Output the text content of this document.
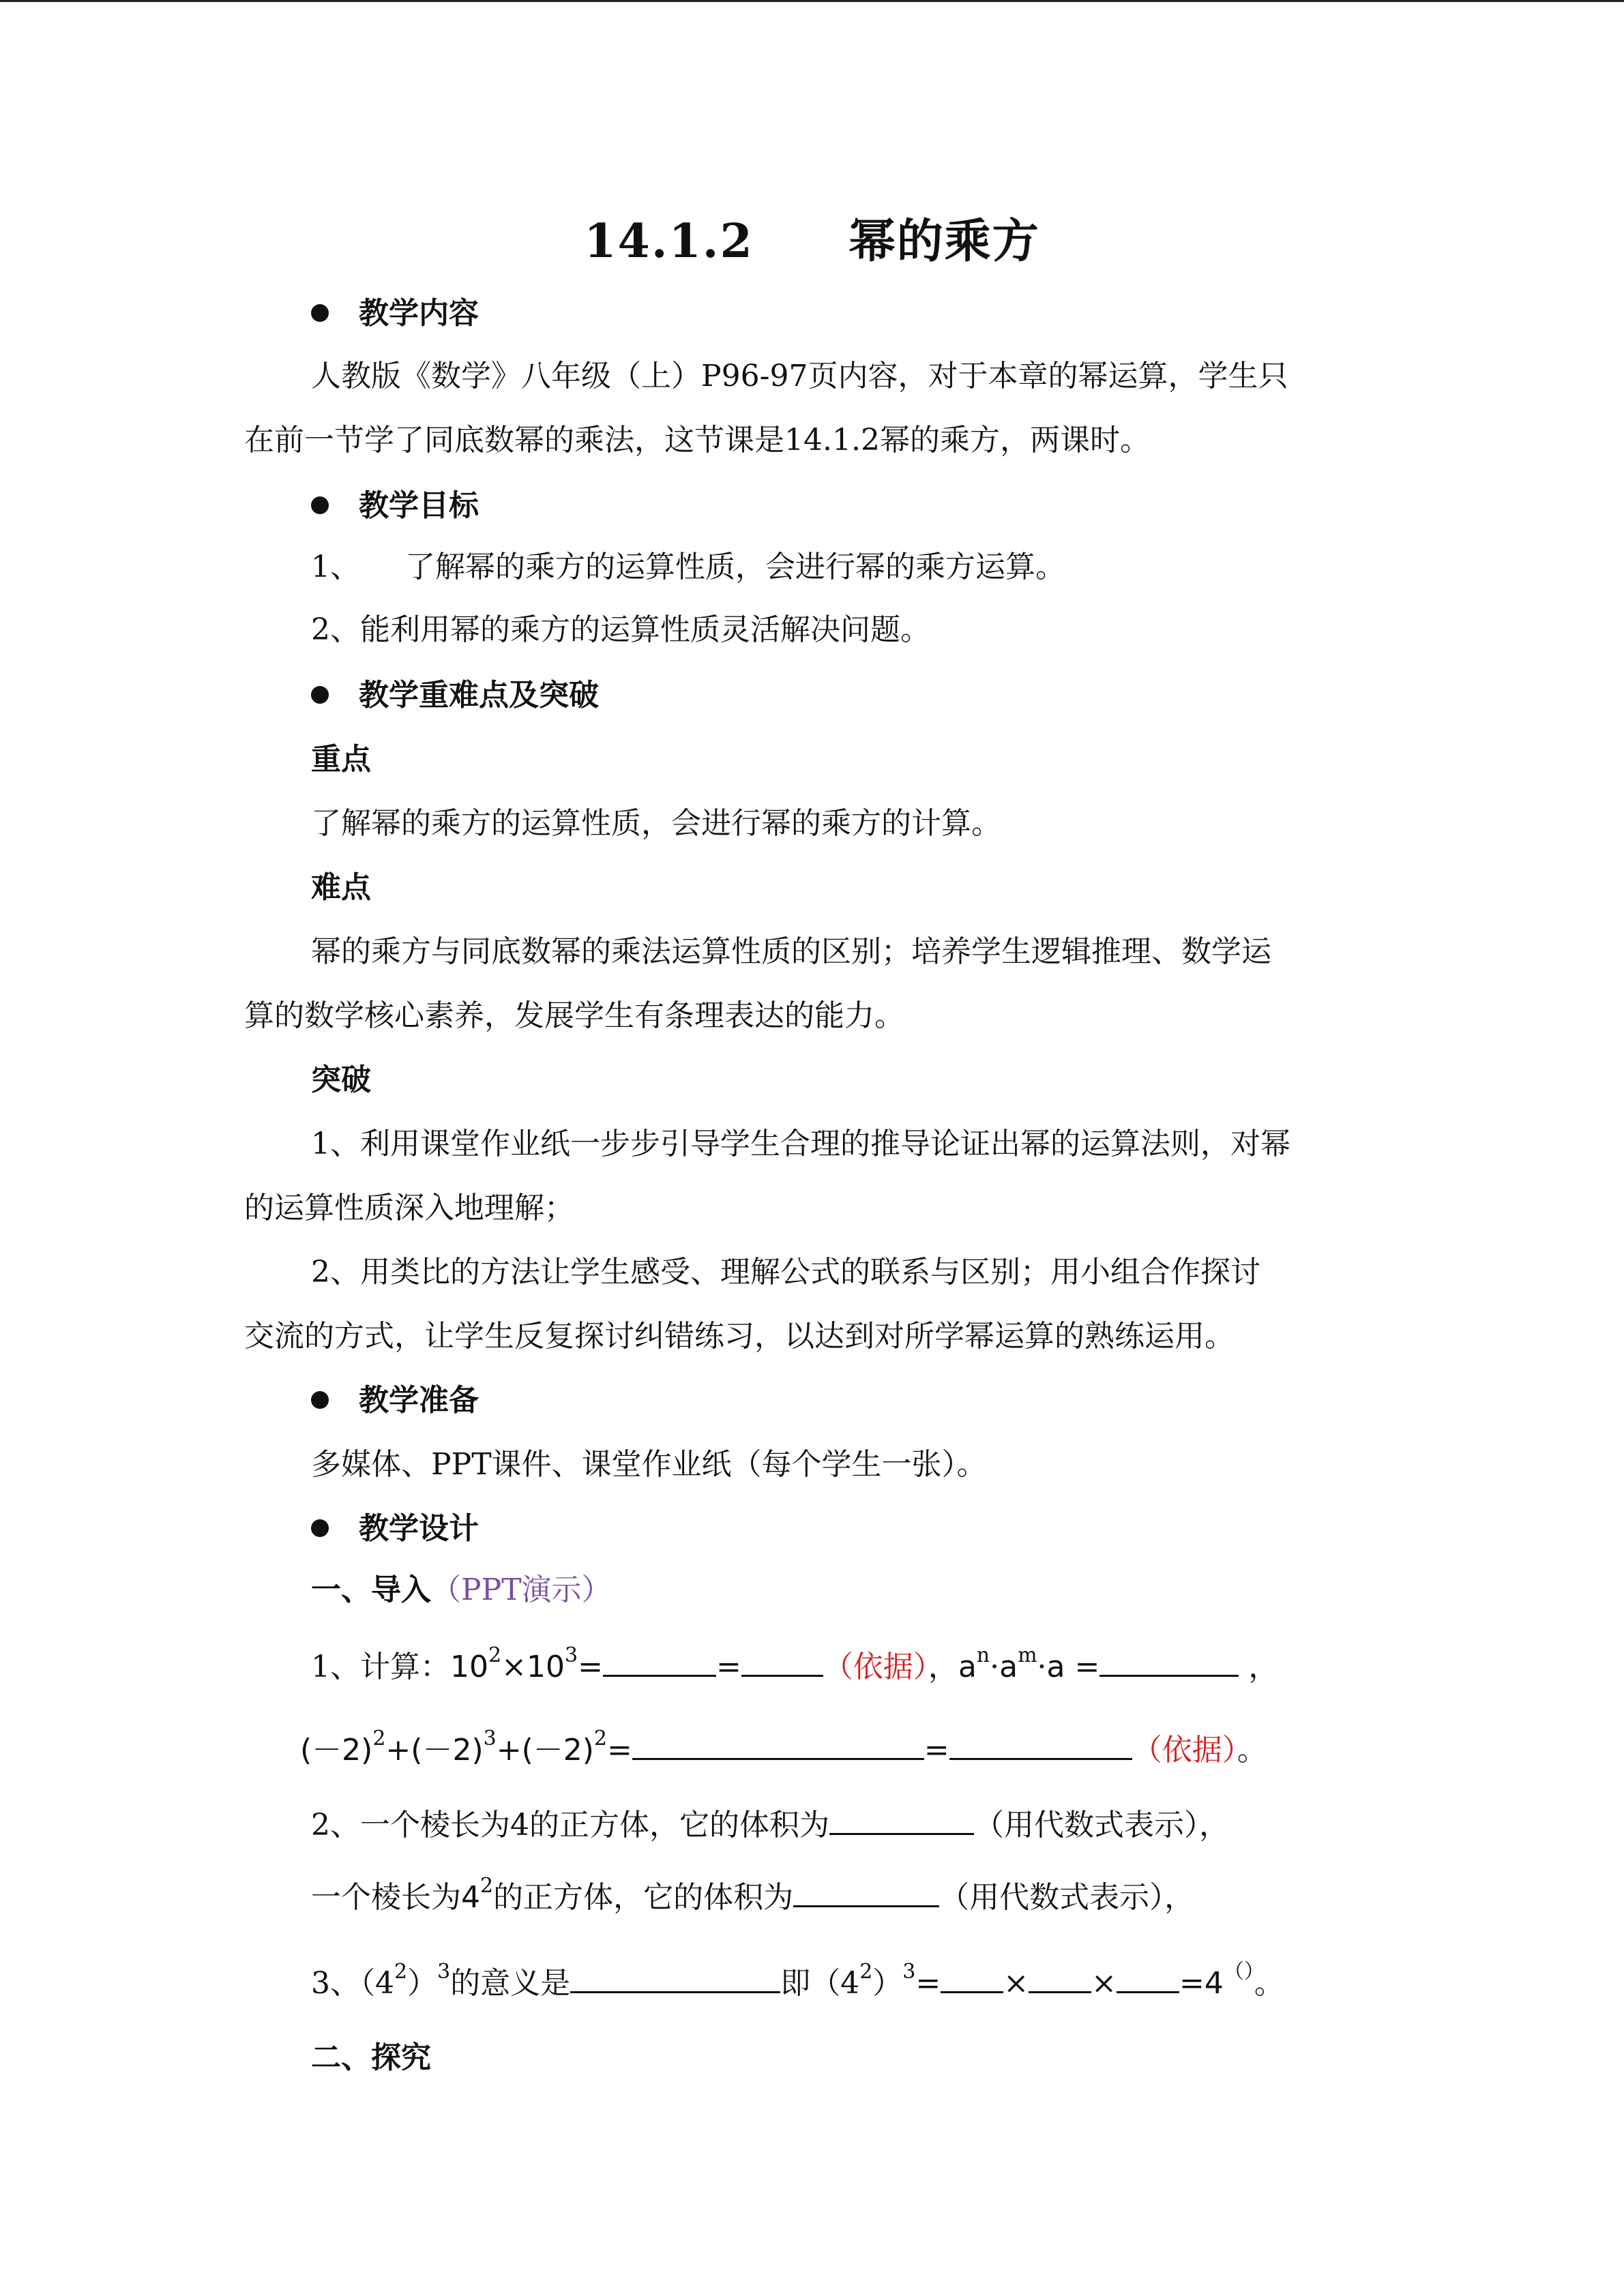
14.1.2 幂的乘方
教学内容
人教版《数学》八年级（上）P96-97页内容，对于本章的幂运算，学生只
在前一节学了同底数幂的乘法，这节课是14.1.2幂的乘方，两课时。
教学目标
1、　　了解幂的乘方的运算性质，会进行幂的乘方运算。
2、能利用幂的乘方的运算性质灵活解决问题。
教学重难点及突破
重点
了解幂的乘方的运算性质，会进行幂的乘方的计算。
难点
幂的乘方与同底数幂的乘法运算性质的区别；培养学生逻辑推理、数学运
算的数学核心素养，发展学生有条理表达的能力。
突破
1、利用课堂作业纸一步步引导学生合理的推导论证出幂的运算法则，对幂
的运算性质深入地理解；
2、用类比的方法让学生感受、理解公式的联系与区别；用小组合作探讨
交流的方式，让学生反复探讨纠错练习，以达到对所学幂运算的熟练运用。
教学准备
多媒体、PPT课件、课堂作业纸（每个学生一张）。
教学设计
一、导入（PPT演示）
1、计算：$10^2\times 10^3=$	=	（依据），$a^n\cdot a^m\cdot a$ =	，
$(-2)^2+(-2)^3+(-2)^2=$	=	（依据）。
2、一个棱长为4的正方体，它的体积为	（用代数式表示），
一个棱长为$4^2$的正方体，它的体积为	（用代数式表示），
3、$(4^2)^3$的意义是	即$(4^2)^3=$ × × =4（）。
二、探究
